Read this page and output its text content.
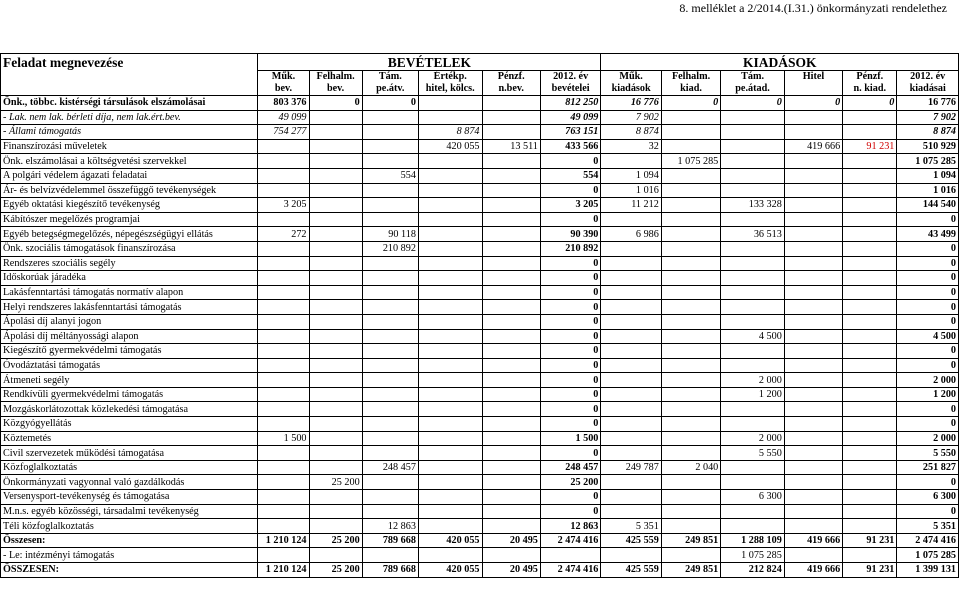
8. melléklet a 2/2014.(I.31.) önkormányzati rendelethez
Feladat megnevezése	BEVÉTELEK						KIADÁSOK					
	Műk.	Felhalm.	Tám.	Értékp.	Pénzf.	2012. év	Műk.	Felhalm.	Tám.	Hitel	Pénzf.	2012. év
	bev.	bev.	pe.átv.	hitel, kölcs.	n.bev.	bevételei	kiadások	kiad.	pe.átad.		n. kiad.	kiadásai
Önk., többc. kistérségi társulások elszámolásai	803 376	0	0			812 250	16 776	0	0	0	0	16 776
- Lak. nem lak. bérleti díja, nem lak.ért.bev.	49 099					49 099	7 902					7 902
- Állami támogatás	754 277			8 874		763 151	8 874					8 874
Finanszírozási műveletek				420 055	13 511	433 566	32			419 666	91 231	510 929
Önk. elszámolásai a költségvetési szervekkel						0		1 075 285				1 075 285
A polgári védelem ágazati feladatai			554			554	1 094					1 094
Ár- és belvízvédelemmel összefüggő tevékenységek						0	1 016					1 016
Egyéb oktatási kiegészítő tevékenység	3 205					3 205	11 212		133 328			144 540
Kábítószer megelőzés programjai						0						0
Egyéb betegségmegelőzés, népegészségügyi ellátás	272		90 118			90 390	6 986		36 513			43 499
Önk. szociális támogatások finanszírozása			210 892			210 892						0
Rendszeres szociális segély						0						0
Időskorúak járadéka						0						0
Lakásfenntartási támogatás normatív alapon						0						0
Helyi rendszeres lakásfenntartási támogatás						0						0
Ápolási díj alanyi jogon						0						0
Ápolási díj méltányossági alapon						0			4 500			4 500
Kiegészítő gyermekvédelmi támogatás						0						0
Óvodáztatási támogatás						0						0
Átmeneti segély						0			2 000			2 000
Rendkívüli gyermekvédelmi támogatás						0			1 200			1 200
Mozgáskorlátozottak közlekedési támogatása						0						0
Közgyógyellátás						0						0
Köztemetés	1 500					1 500			2 000			2 000
Civil szervezetek működési támogatása						0			5 550			5 550
Közfoglalkoztatás			248 457			248 457	249 787	2 040				251 827
Önkormányzati vagyonnal való gazdálkodás		25 200				25 200						0
Versenysport-tevékenység és támogatása						0			6 300			6 300
M.n.s. egyéb közösségi, társadalmi tevékenység						0						0
Téli közfoglalkoztatás			12 863			12 863	5 351					5 351
Összesen:	1 210 124	25 200	789 668	420 055	20 495	2 474 416	425 559	249 851	1 288 109	419 666	91 231	2 474 416
- Le: intézményi támogatás									1 075 285			1 075 285
ÖSSZESEN:	1 210 124	25 200	789 668	420 055	20 495	2 474 416	425 559	249 851	212 824	419 666	91 231	1 399 131
